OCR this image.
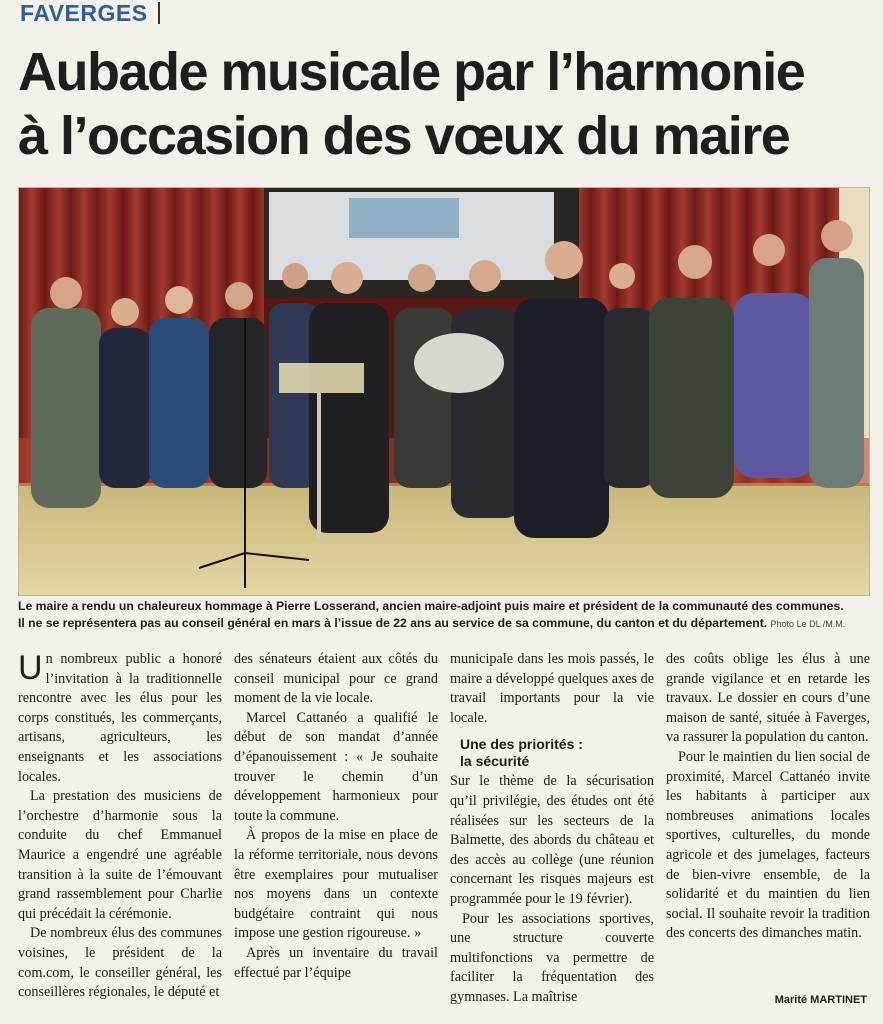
FAVERGES
Aubade musicale par l’harmonie
à l’occasion des vœux du maire
Le maire a rendu un chaleureux hommage à Pierre Losserand, ancien maire-adjoint puis maire et président de la communauté des communes.
Il ne se représentera pas au conseil général en mars à l’issue de 22 ans au service de sa commune, du canton et du département. Photo Le DL /M.M.

Un nombreux public a honoré l’invitation à la traditionnelle rencontre avec les élus pour les corps constitués, les commerçants, artisans, agriculteurs, les enseignants et les associations locales.

La prestation des musiciens de l’orchestre d’harmonie sous la conduite du chef Emmanuel Maurice a engendré une agréable transition à la suite de l’émouvant grand rassemblement pour Charlie qui précédait la cérémonie.

De nombreux élus des communes voisines, le président de la com.com, le conseiller général, les conseillères régionales, le député et

des sénateurs étaient aux côtés du conseil municipal pour ce grand moment de la vie locale.

Marcel Cattanéo a qualifié le début de son mandat d’année d’épanouissement : « Je souhaite trouver le chemin d’un développement harmonieux pour toute la commune.

À propos de la mise en place de la réforme territoriale, nous devons être exemplaires pour mutualiser nos moyens dans un contexte budgétaire contraint qui nous impose une gestion rigoureuse. »

Après un inventaire du travail effectué par l’équipe

municipale dans les mois passés, le maire a développé quelques axes de travail importants pour la vie locale.

Une des priorités :
la sécurité

Sur le thème de la sécurisation qu’il privilégie, des études ont été réalisées sur les secteurs de la Balmette, des abords du château et des accès au collège (une réunion concernant les risques majeurs est programmée pour le 19 février).

Pour les associations sportives, une structure couverte multifonctions va permettre de faciliter la fréquentation des gymnases. La maîtrise

des coûts oblige les élus à une grande vigilance et en retarde les travaux. Le dossier en cours d’une maison de santé, située à Faverges, va rassurer la population du canton.

Pour le maintien du lien social de proximité, Marcel Cattanéo invite les habitants à participer aux nombreuses animations locales sportives, culturelles, du monde agricole et des jumelages, facteurs de bien-vivre ensemble, de la solidarité et du maintien du lien social. Il souhaite revoir la tradition des concerts des dimanches matin.

Marité MARTINET
